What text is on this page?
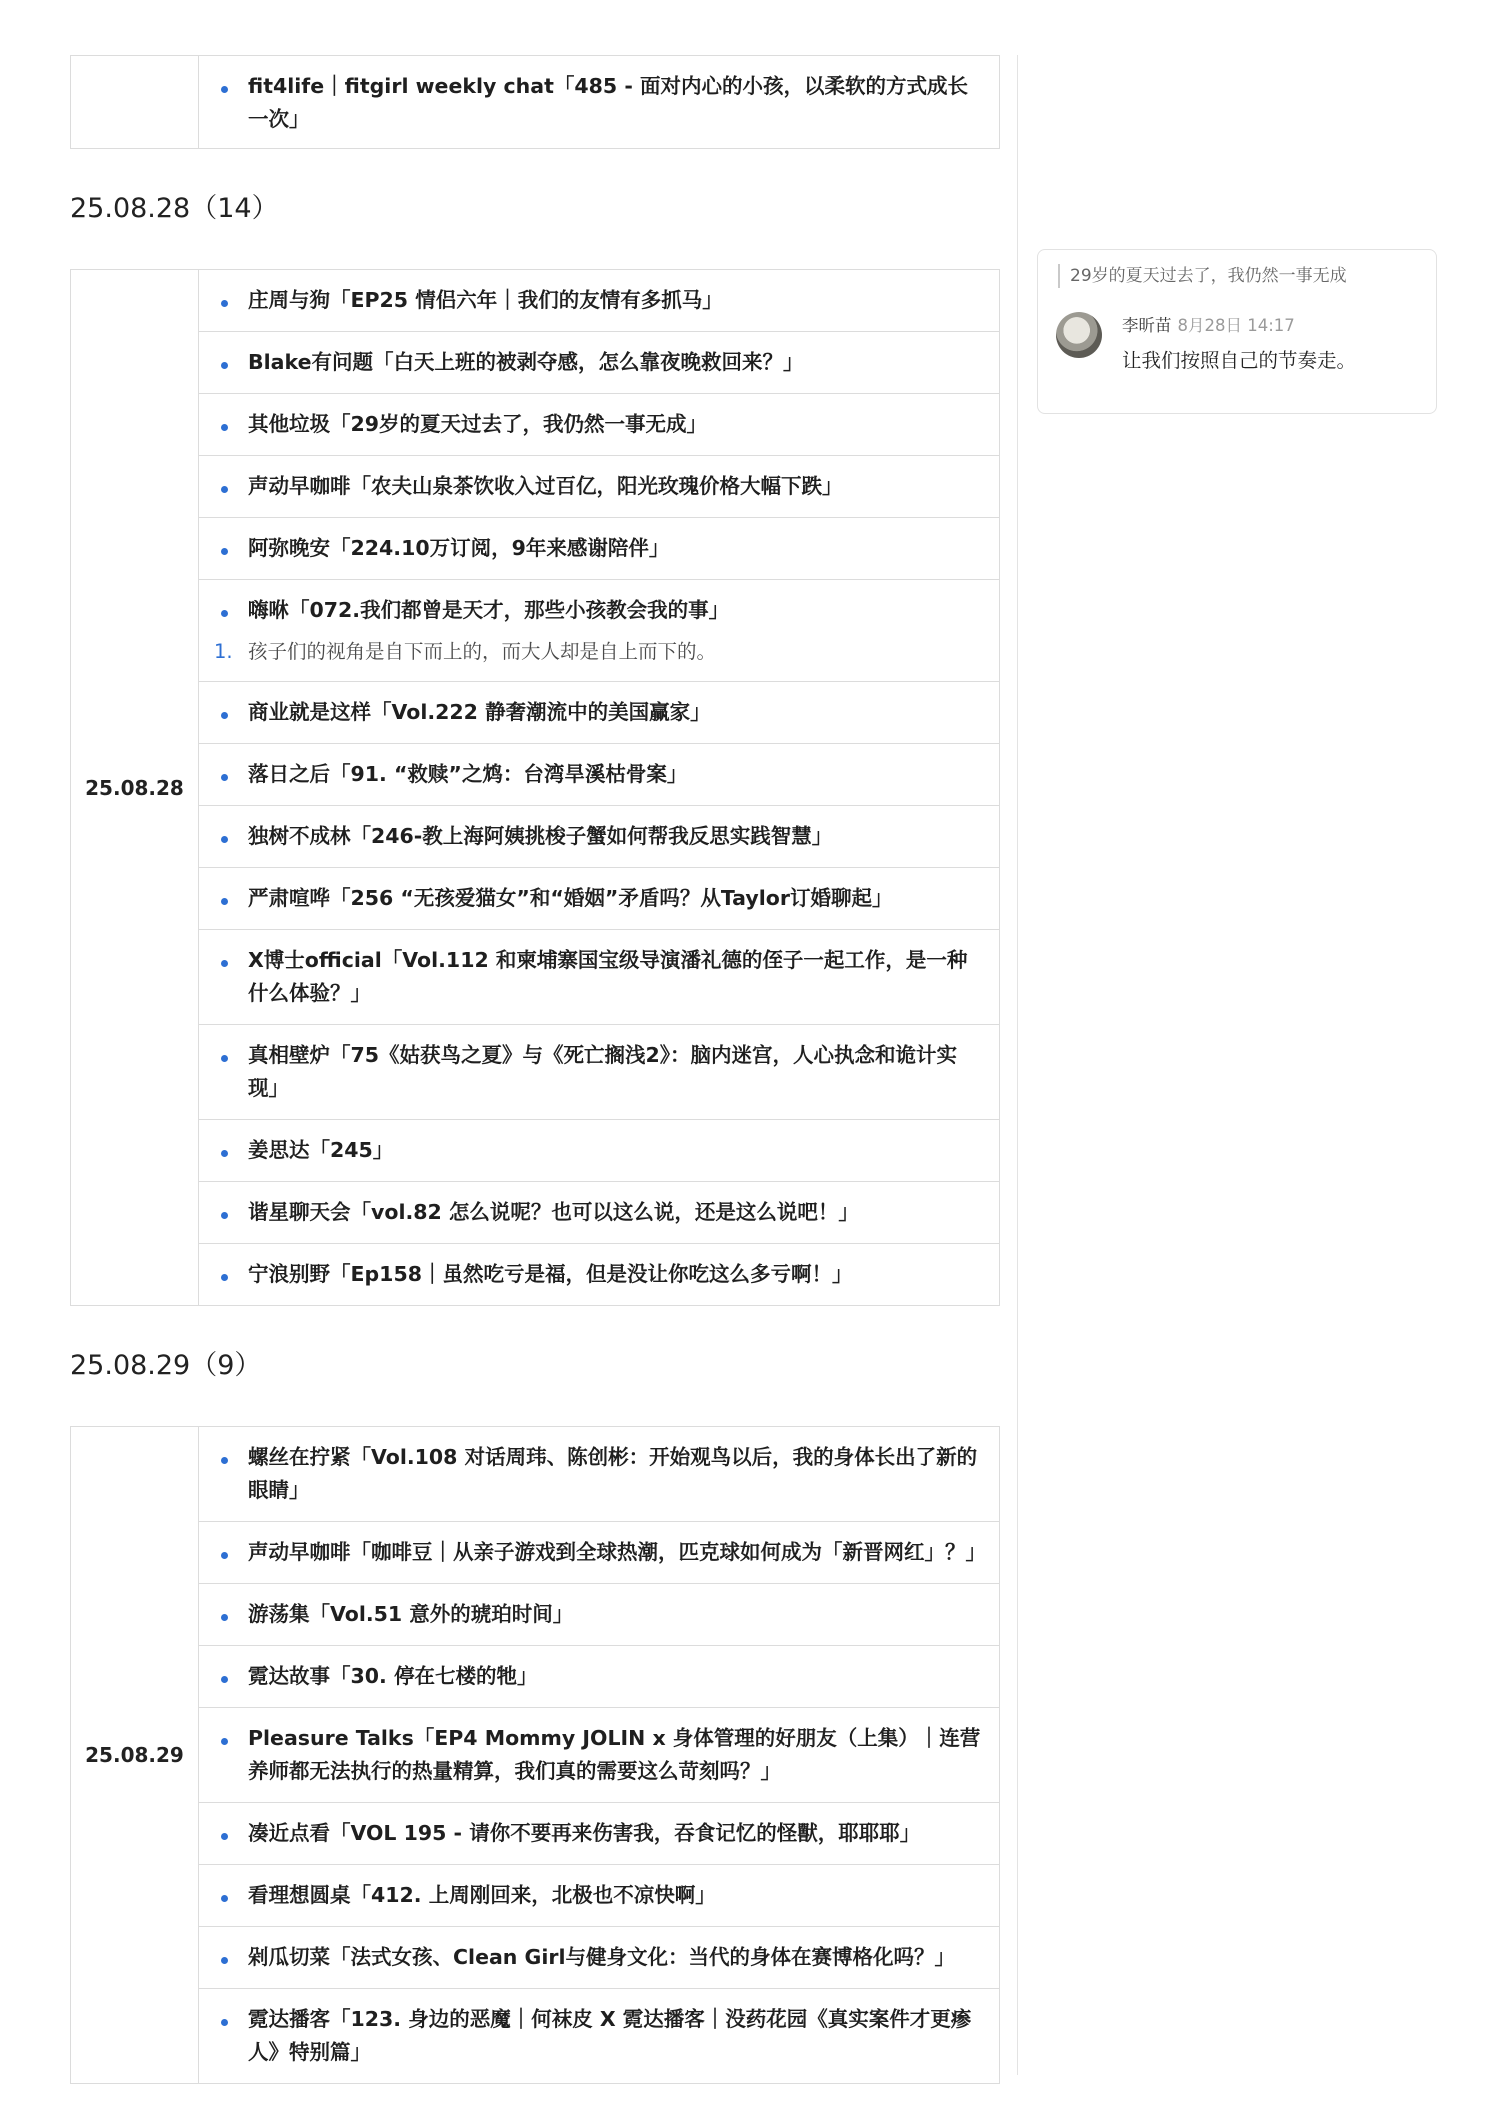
fit4life｜fitgirl weekly chat「485 - 面对内心的小孩，以柔软的方式成长一次」
25.08.28（14）
25.08.28	
庄周与狗「EP25 情侣六年｜我们的友情有多抓马」
Blake有问题「白天上班的被剥夺感，怎么靠夜晚救回来？」
其他垃圾「29岁的夏天过去了，我仍然一事无成」
声动早咖啡「农夫山泉茶饮收入过百亿，阳光玫瑰价格大幅下跌」
阿弥晚安「224.10万订阅，9年来感谢陪伴」
嗨咻「072.我们都曾是天才，那些小孩教会我的事」
1. 孩子们的视角是自下而上的，而大人却是自上而下的。
商业就是这样「Vol.222 静奢潮流中的美国赢家」
落日之后「91. “救赎”之鸩：台湾旱溪枯骨案」
独树不成林「246-教上海阿姨挑梭子蟹如何帮我反思实践智慧」
严肃喧哗「256 “无孩爱猫女”和“婚姻”矛盾吗？从Taylor订婚聊起」
X博士official「Vol.112 和柬埔寨国宝级导演潘礼德的侄子一起工作，是一种什么体验？」
真相壁炉「75《姑获鸟之夏》与《死亡搁浅2》：脑内迷宫，人心执念和诡计实现」
姜思达「245」
谐星聊天会「vol.82 怎么说呢？也可以这么说，还是这么说吧！」
宁浪别野「Ep158｜虽然吃亏是福，但是没让你吃这么多亏啊！」
25.08.29（9）
25.08.29	
螺丝在拧紧「Vol.108 对话周玮、陈创彬：开始观鸟以后，我的身体长出了新的眼睛」
声动早咖啡「咖啡豆｜从亲子游戏到全球热潮，匹克球如何成为「新晋网红」？」
游荡集「Vol.51 意外的琥珀时间」
霓达故事「30. 停在七楼的牠」
Pleasure Talks「EP4 Mommy JOLIN x 身体管理的好朋友（上集）｜连营养师都无法执行的热量精算，我们真的需要这么苛刻吗？」
凑近点看「VOL 195 - 请你不要再来伤害我，吞食记忆的怪獸，耶耶耶」
看理想圆桌「412. 上周刚回来，北极也不凉快啊」
剁瓜切菜「法式女孩、Clean Girl与健身文化：当代的身体在赛博格化吗？」
霓达播客「123. 身边的恶魔｜何袜皮 X 霓达播客｜没药花园《真实案件才更瘆人》特别篇」
29岁的夏天过去了，我仍然一事无成
李昕苗 8月28日 14:17
让我们按照自己的节奏走。
